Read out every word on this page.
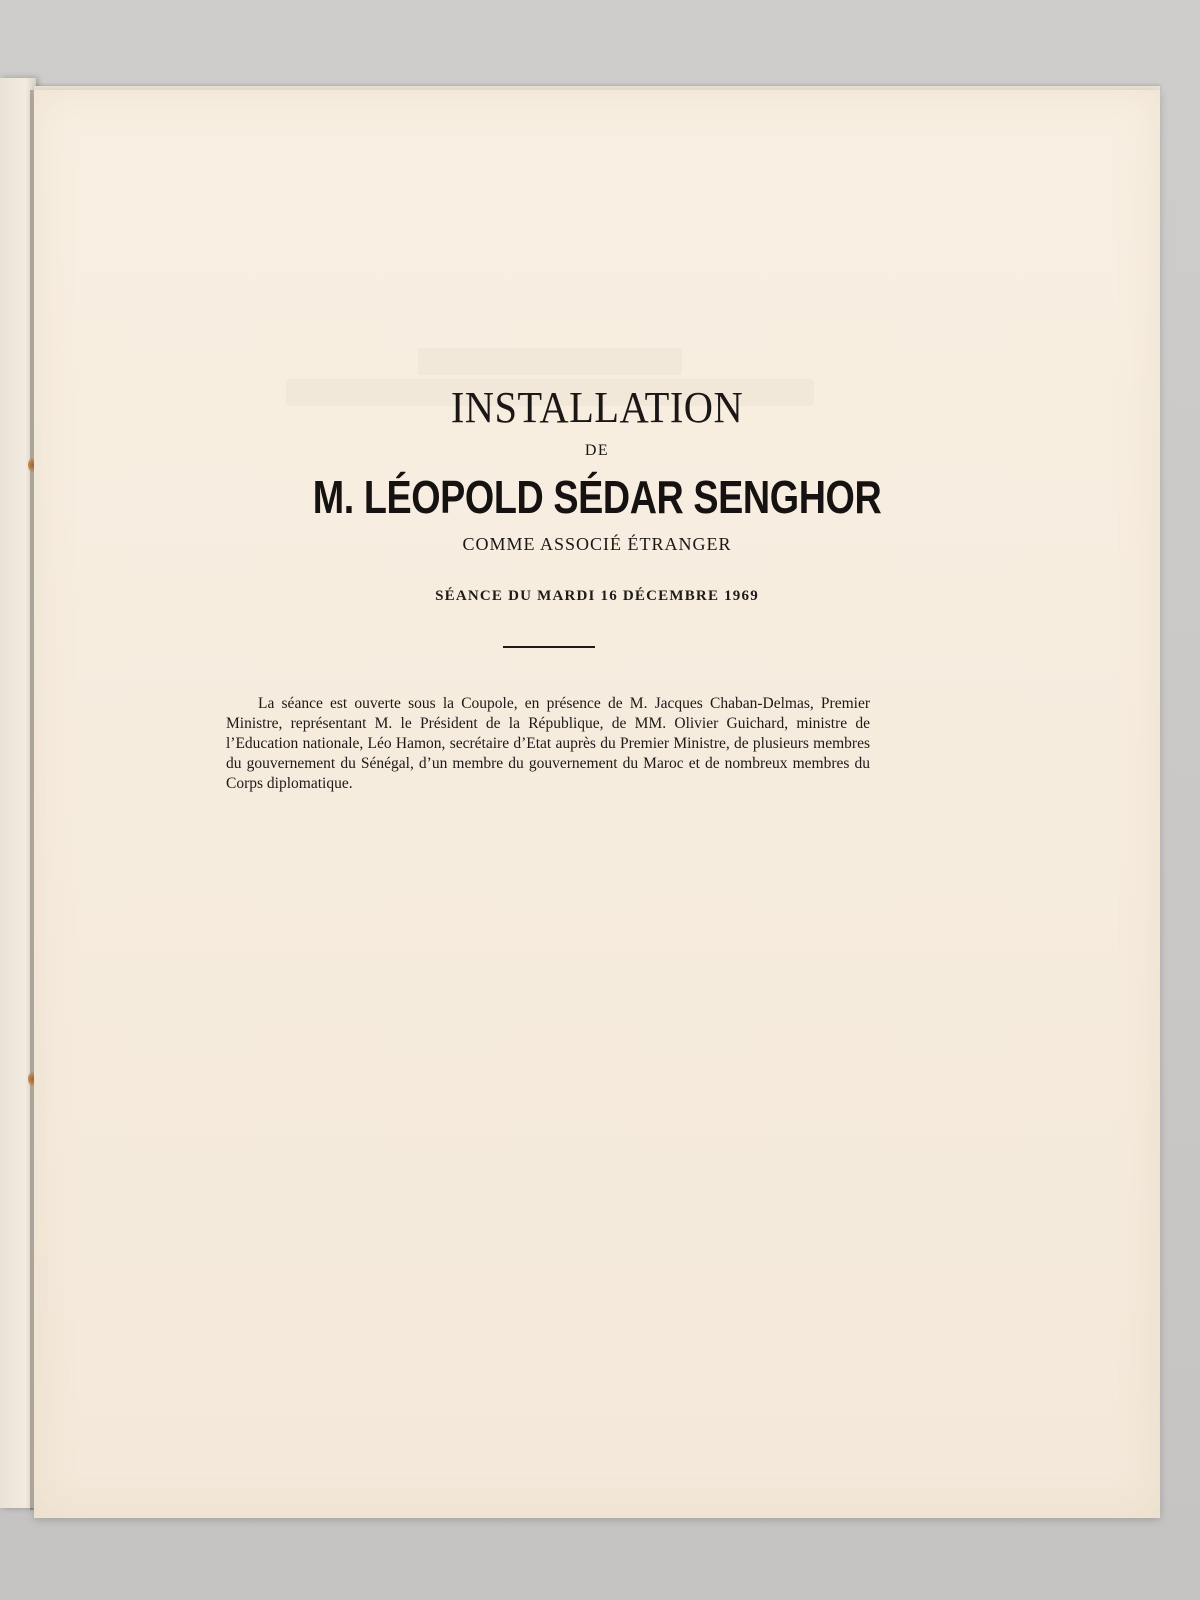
INSTALLATION
DE
M. LÉOPOLD SÉDAR SENGHOR
COMME ASSOCIÉ ÉTRANGER
SÉANCE DU MARDI 16 DÉCEMBRE 1969

La séance est ouverte sous la Coupole, en présence de M. Jacques Chaban-Delmas, Premier Ministre, représentant M. le Président de la République, de MM. Olivier Guichard, ministre de l’Education nationale, Léo Hamon, secrétaire d’Etat auprès du Premier Ministre, de plusieurs membres du gouvernement du Sénégal, d’un membre du gouvernement du Maroc et de nombreux membres du Corps diplomatique.
